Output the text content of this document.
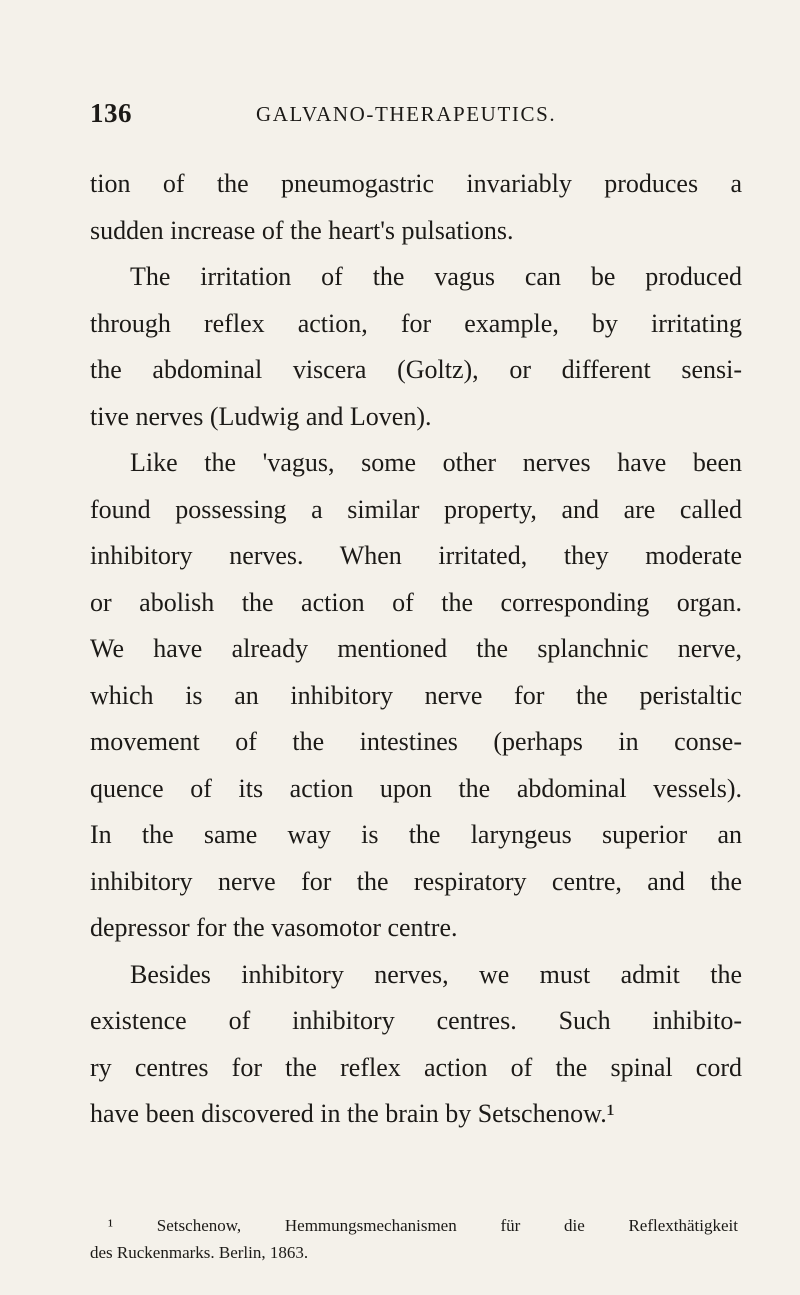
136	GALVANO-THERAPEUTICS.
tion of the pneumogastric invariably produces a
sudden increase of the heart's pulsations.
The irritation of the vagus can be produced
through reflex action, for example, by irritating
the abdominal viscera (Goltz), or different sensi-
tive nerves (Ludwig and Loven).
Like the 'vagus, some other nerves have been
found possessing a similar property, and are called
inhibitory nerves. When irritated, they moderate
or abolish the action of the corresponding organ.
We have already mentioned the splanchnic nerve,
which is an inhibitory nerve for the peristaltic
movement of the intestines (perhaps in conse-
quence of its action upon the abdominal vessels).
In the same way is the laryngeus superior an
inhibitory nerve for the respiratory centre, and the
depressor for the vasomotor centre.
Besides inhibitory nerves, we must admit the
existence of inhibitory centres. Such inhibito-
ry centres for the reflex action of the spinal cord
have been discovered in the brain by Setschenow.¹
¹ Setschenow, Hemmungsmechanismen für die Reflexthätigkeit
des Ruckenmarks. Berlin, 1863.
